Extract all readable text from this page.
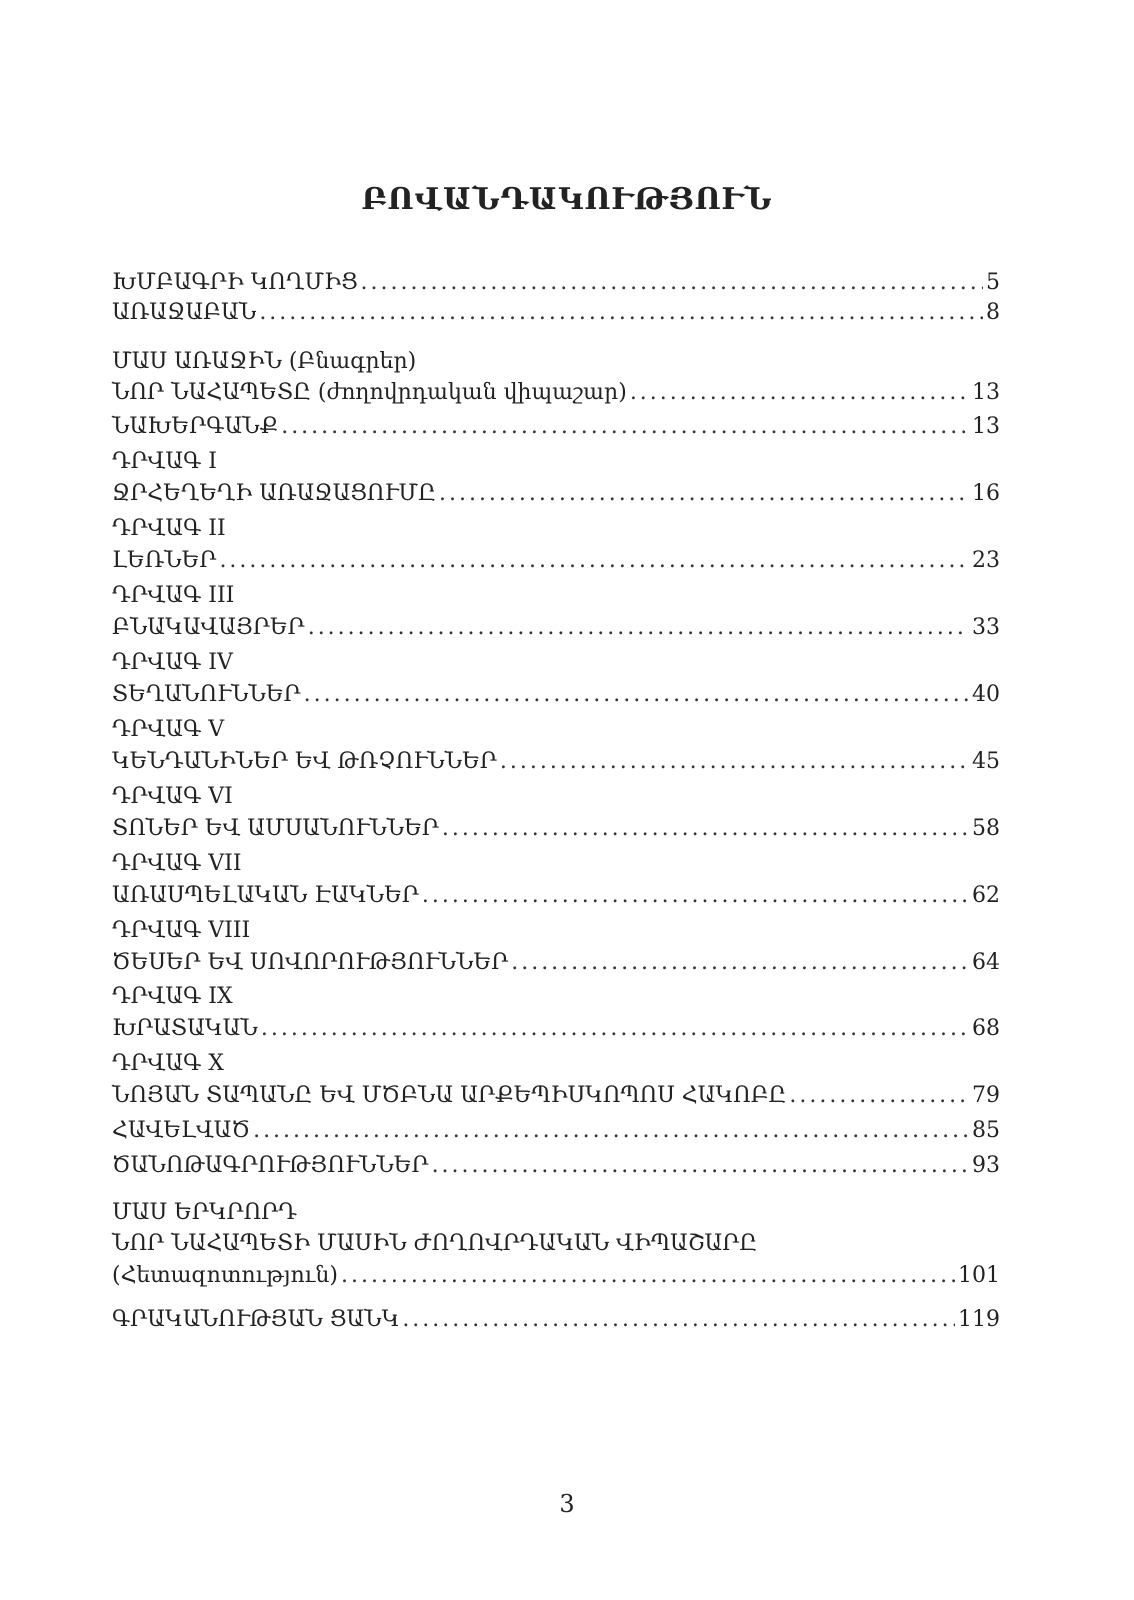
ԲՈՎԱՆԴԱԿՈՒԹՅՈՒՆ
ԽՄԲԱԳՐԻ ԿՈՂՄԻՑ . . .	5
ԱՌԱՋԱԲԱՆ . . .	8
ՄԱՍ ԱՌԱՋԻՆ (Բնագրեր)
ՆՈՐ ՆԱՀԱՊԵՏԸ (ժողովրդական վիպաշար) . . .	13
ՆԱԽԵՐԳԱՆՔ . . .	13
ԴՐՎԱԳ I
ՋՐՀԵՂԵՂԻ ԱՌԱՋԱՑՈՒՄԸ . . .	16
ԴՐՎԱԳ II
ԼԵՌՆԵՐ . . .	23
ԴՐՎԱԳ III
ԲՆԱԿԱՎԱՅՐԵՐ . . .	33
ԴՐՎԱԳ IV
ՏԵՂԱՆՈՒՆՆԵՐ . . .	40
ԴՐՎԱԳ V
ԿԵՆԴԱՆԻՆԵՐ ԵՎ ԹՌՉՈՒՆՆԵՐ . . .	45
ԴՐՎԱԳ VI
ՏՈՆԵՐ ԵՎ ԱՄՍԱՆՈՒՆՆԵՐ . . .	58
ԴՐՎԱԳ VII
ԱՌԱՍՊԵԼԱԿԱՆ ԷԱԿՆԵՐ . . .	62
ԴՐՎԱԳ VIII
ԾԵՍԵՐ ԵՎ ՍՈՎՈՐՈՒԹՅՈՒՆՆԵՐ . . .	64
ԴՐՎԱԳ IX
ԽՐԱՏԱԿԱՆ . . .	68
ԴՐՎԱԳ X
ՆՈՅԱՆ ՏԱՊԱՆԸ ԵՎ ՄԾԲՆԱ ԱՐՔԵՊԻՍԿՈՊՈՍ ՀԱԿՈԲԸ . . .	79
ՀԱՎԵԼՎԱԾ . . .	85
ԾԱՆՈԹԱԳՐՈՒԹՅՈՒՆՆԵՐ . . .	93
ՄԱՍ ԵՐԿՐՈՐԴ
ՆՈՐ ՆԱՀԱՊԵՏԻ ՄԱՍԻՆ ԺՈՂՈՎՐԴԱԿԱՆ ՎԻՊԱՇԱՐԸ
(Հետազոտություն) . . .	101
ԳՐԱԿԱՆՈՒԹՅԱՆ ՑԱՆԿ . . .	119
3
